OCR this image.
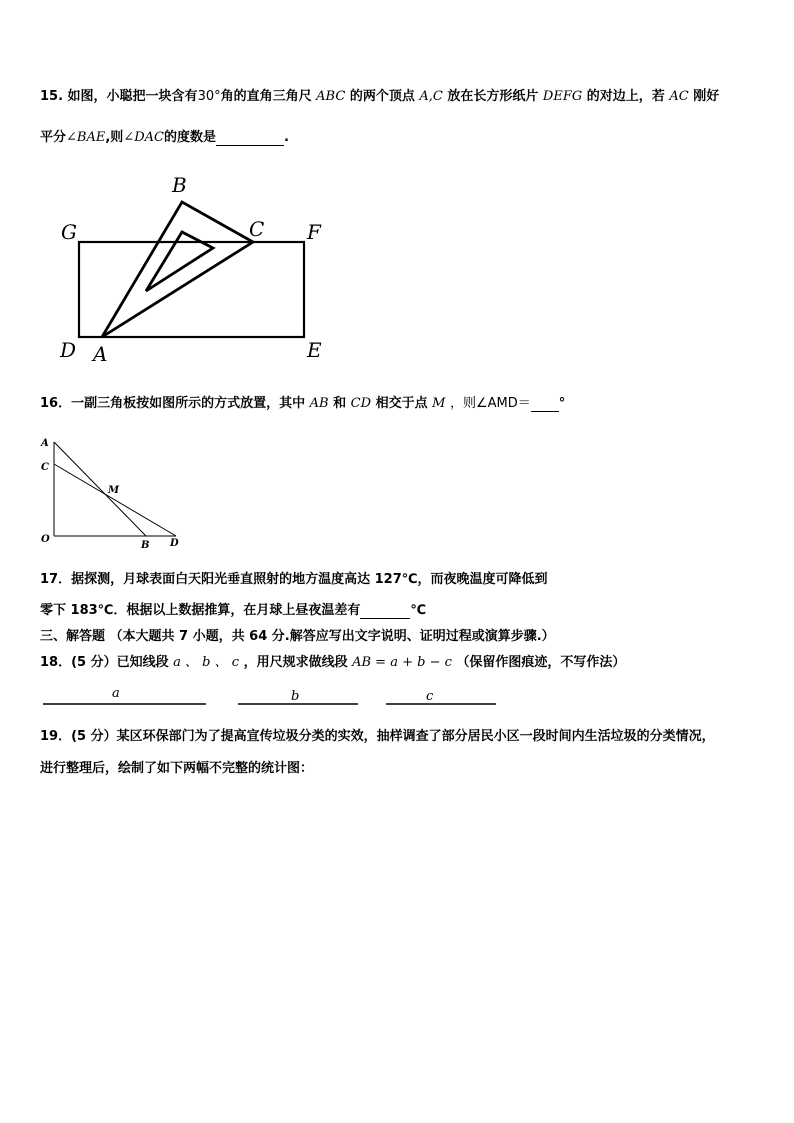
15. 如图，小聪把一块含有30°角的直角三角尺 ABC 的两个顶点 A,C 放在长方形纸片 DEFG 的对边上，若 AC 刚好
平分∠BAE,则∠DAC的度数是	.
B
C
G	F
D A	E
16．一副三角板按如图所示的方式放置，其中 AB 和 CD 相交于点 M ，则∠AMD＝ °
A
C
M
O
B D
17．据探测，月球表面白天阳光垂直照射的地方温度高达 127℃，而夜晚温度可降低到
零下 183℃．根据以上数据推算，在月球上昼夜温差有	℃
三、解答题 （本大题共 7 小题，共 64 分.解答应写出文字说明、证明过程或演算步骤.）
18．(5 分）已知线段 a 、 b 、 c ，用尺规求做线段 AB = a + b − c （保留作图痕迹，不写作法）
a	b	c
19．(5 分）某区环保部门为了提高宣传垃圾分类的实效，抽样调查了部分居民小区一段时间内生活垃圾的分类情况，
进行整理后，绘制了如下两幅不完整的统计图：
